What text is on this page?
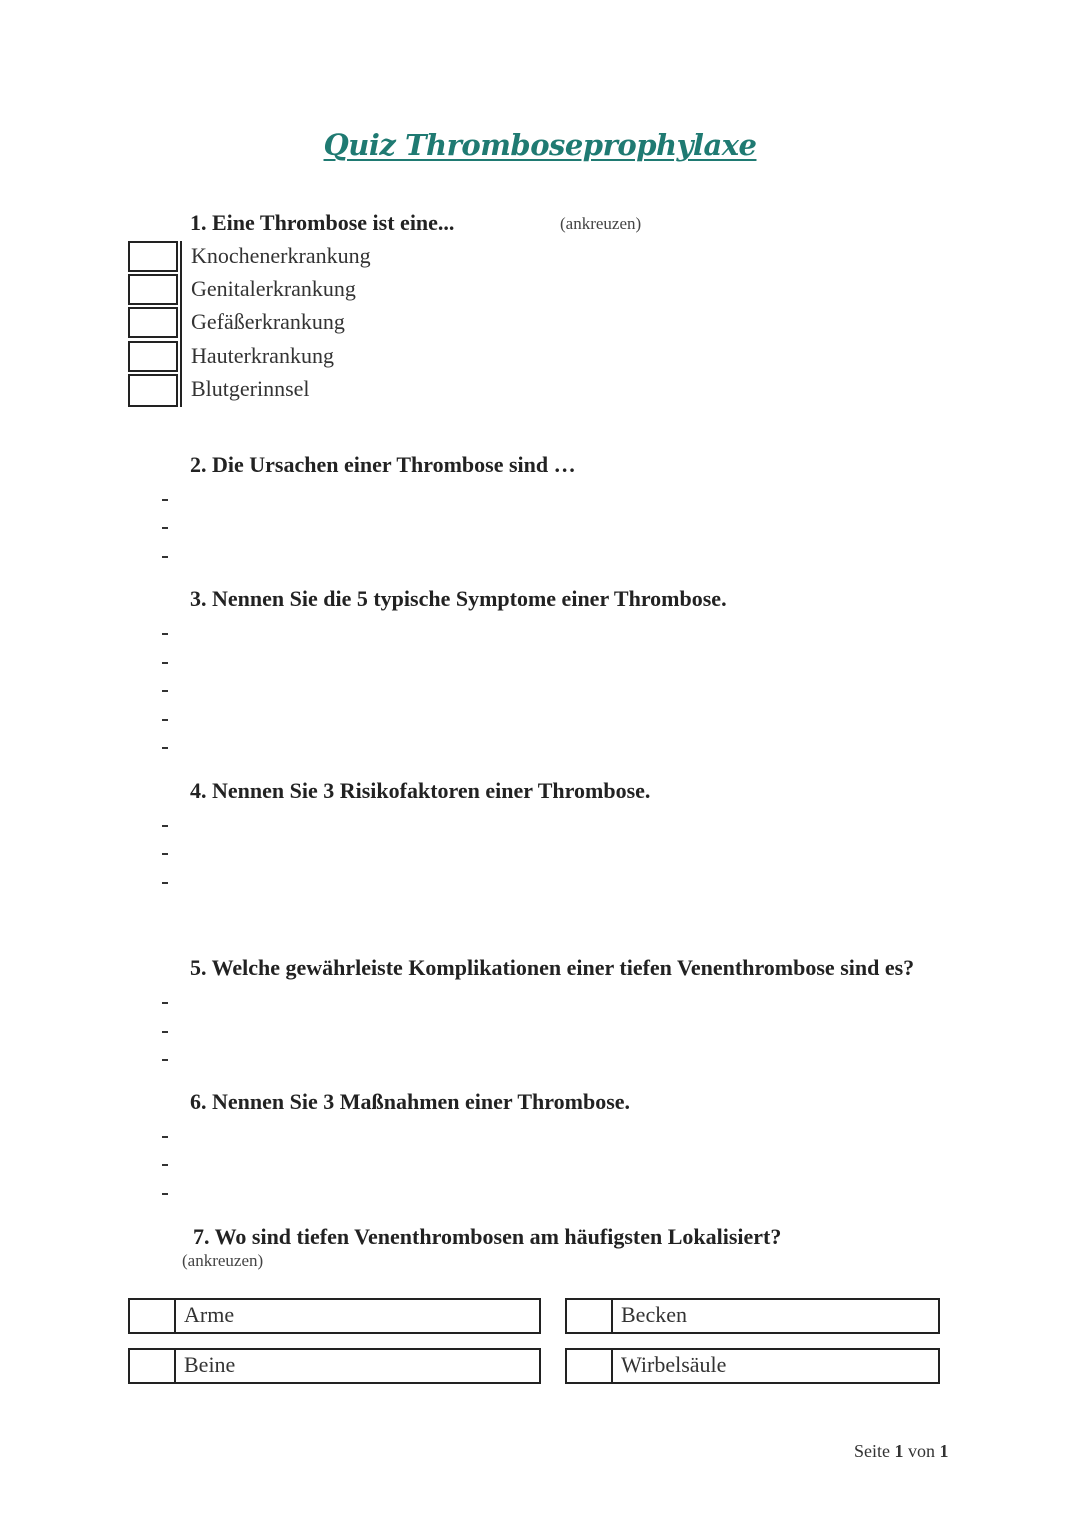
Quiz Thromboseprophylaxe
1. Eine Thrombose ist eine...	(ankreuzen)
Knochenerkrankung
Genitalerkrankung
Gefäßerkrankung
Hauterkrankung
Blutgerinnsel
2. Die Ursachen einer Thrombose sind …
3. Nennen Sie die 5 typische Symptome einer Thrombose.
4. Nennen Sie 3 Risikofaktoren einer Thrombose.
5. Welche gewährleiste Komplikationen einer tiefen Venenthrombose sind es?
6. Nennen Sie 3 Maßnahmen einer Thrombose.
7. Wo sind tiefen Venenthrombosen am häufigsten Lokalisiert?
(ankreuzen)
Arme	Becken
Beine	Wirbelsäule
Seite 1 von 1
